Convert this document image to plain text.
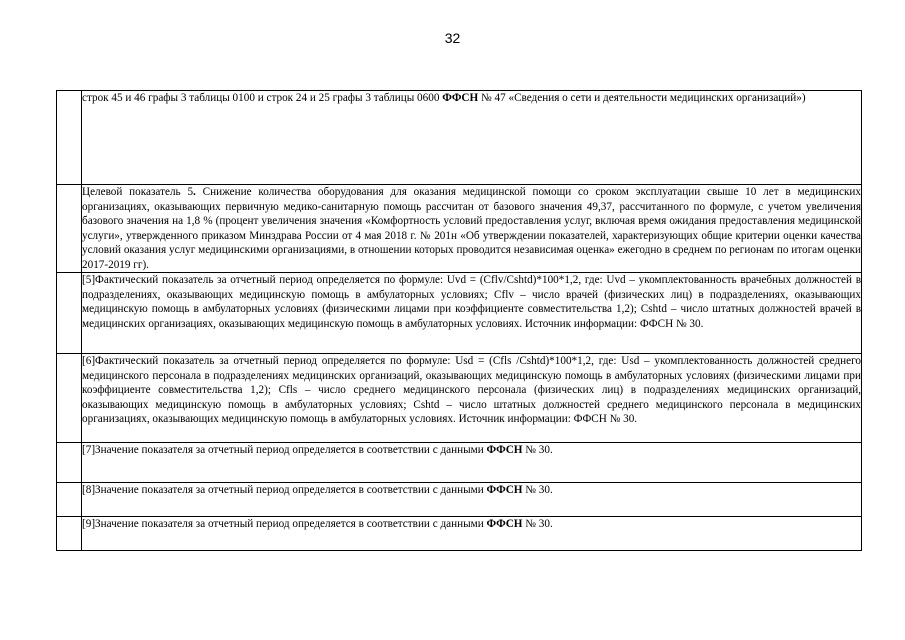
32
	строк 45 и 46 графы 3 таблицы 0100 и строк 24 и 25 графы 3 таблицы 0600 ФФСН № 47 «Сведения о сети и деятельности медицинских организаций»)
	Целевой показатель 5. Снижение количества оборудования для оказания медицинской помощи со сроком эксплуатации свыше 10 лет в медицинских организациях, оказывающих первичную медико-санитарную помощь рассчитан от базового значения 49,37, рассчитанного по формуле, с учетом увеличения базового значения на 1,8 % (процент увеличения значения «Комфортность условий предоставления услуг, включая время ожидания предоставления медицинской услуги», утвержденного приказом Минздрава России от 4 мая 2018 г. № 201н «Об утверждении показателей, характеризующих общие критерии оценки качества условий оказания услуг медицинскими организациями, в отношении которых проводится независимая оценка» ежегодно в среднем по регионам по итогам оценки 2017-2019 гг).
	[5]Фактический показатель за отчетный период определяется по формуле: Uvd = (Cflv/Cshtd)*100*1,2, где: Uvd – укомплектованность врачебных должностей в подразделениях, оказывающих медицинскую помощь в амбулаторных условиях; Cflv – число врачей (физических лиц) в подразделениях, оказывающих медицинскую помощь в амбулаторных условиях (физическими лицами при коэффициенте совместительства 1,2); Cshtd – число штатных должностей врачей в медицинских организациях, оказывающих медицинскую помощь в амбулаторных условиях. Источник информации: ФФСН № 30.
	[6]Фактический показатель за отчетный период определяется по формуле: Usd = (Cfls /Cshtd)*100*1,2, где: Usd – укомплектованность должностей среднего медицинского персонала в подразделениях медицинских организаций, оказывающих медицинскую помощь в амбулаторных условиях (физическими лицами при коэффициенте совместительства 1,2); Cfls – число среднего медицинского персонала (физических лиц) в подразделениях медицинских организаций, оказывающих медицинскую помощь в амбулаторных условиях; Cshtd – число штатных должностей среднего медицинского персонала в медицинских организациях, оказывающих медицинскую помощь в амбулаторных условиях. Источник информации: ФФСН № 30.
	[7]Значение показателя за отчетный период определяется в соответствии с данными ФФСН № 30.
	[8]Значение показателя за отчетный период определяется в соответствии с данными ФФСН № 30.
	[9]Значение показателя за отчетный период определяется в соответствии с данными ФФСН № 30.
